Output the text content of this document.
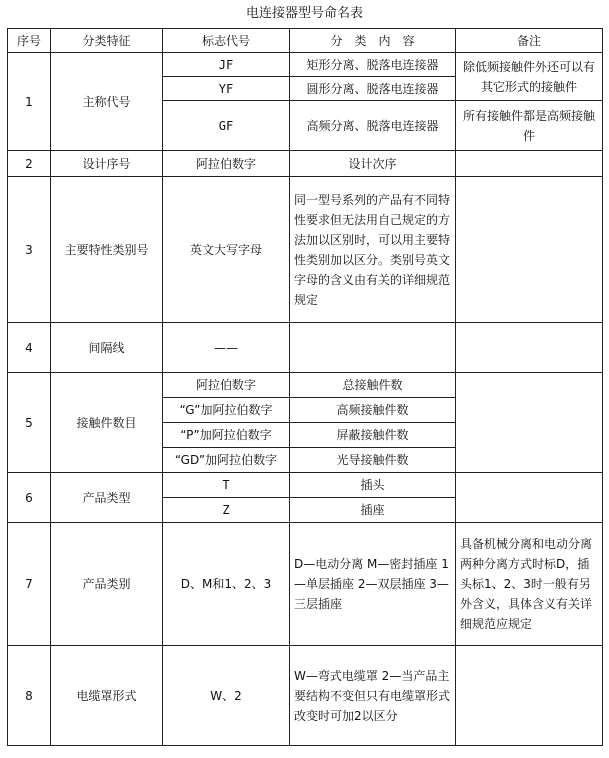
电连接器型号命名表
序号	分类特征	标志代号	分　类　内　容	备注
1	主称代号	JF	矩形分离、脱落电连接器	除低频接触件外还可以有其它形式的接触件
		YF	圆形分离、脱落电连接器	
		GF	高频分离、脱落电连接器	所有接触件都是高频接触件
2	设计序号	阿拉伯数字	设计次序	
3	主要特性类别号	英文大写字母	同一型号系列的产品有不同特性要求但无法用自己规定的方法加以区别时，可以用主要特性类别加以区分。类别号英文字母的含义由有关的详细规范规定	
4	间隔线	——		
5	接触件数目	阿拉伯数字	总接触件数	
		“G”加阿拉伯数字	高频接触件数	
		“P”加阿拉伯数字	屏蔽接触件数	
		“GD”加阿拉伯数字	光导接触件数	
6	产品类型	T	插头	
		Z	插座	
7	产品类别	D、M和1、2、3	D—电动分离 M—密封插座 1—单层插座 2—双层插座 3—三层插座	具备机械分离和电动分离两种分离方式时标D，插头标1、2、3时一般有另外含义，具体含义有关详细规范应规定
8	电缆罩形式	W、2	W—弯式电缆罩 2—当产品主要结构不变但只有电缆罩形式改变时可加2以区分	
